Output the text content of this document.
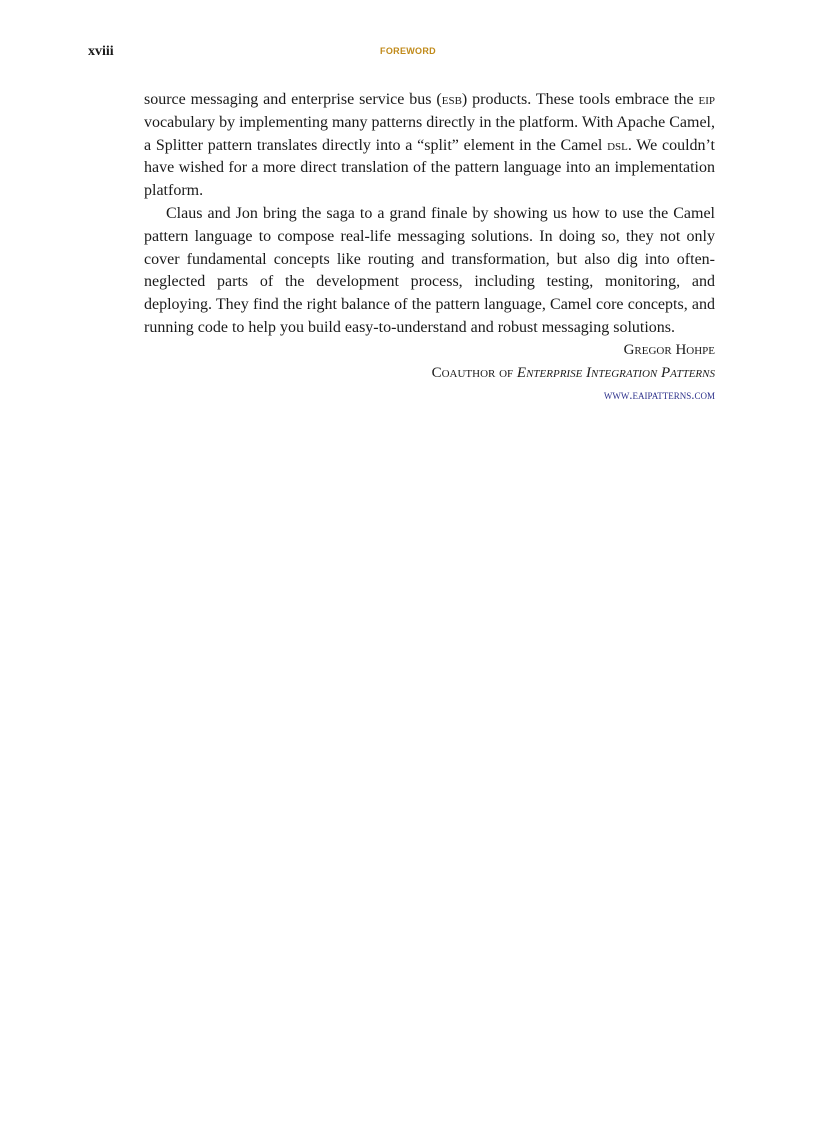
xviii	FOREWORD

source messaging and enterprise service bus (esb) products. These tools embrace the eip vocabulary by implementing many patterns directly in the platform. With Apache Camel, a Splitter pattern translates directly into a “split” element in the Camel dsl. We couldn’t have wished for a more direct translation of the pattern language into an implementation platform.

Claus and Jon bring the saga to a grand finale by showing us how to use the Camel pattern language to compose real-life messaging solutions. In doing so, they not only cover fundamental concepts like routing and transformation, but also dig into often-neglected parts of the development process, including testing, monitoring, and deploying. They find the right balance of the pattern language, Camel core concepts, and running code to help you build easy-to-understand and robust messaging solutions.

Gregor Hohpe
Coauthor of Enterprise Integration Patterns
www.eaipatterns.com
